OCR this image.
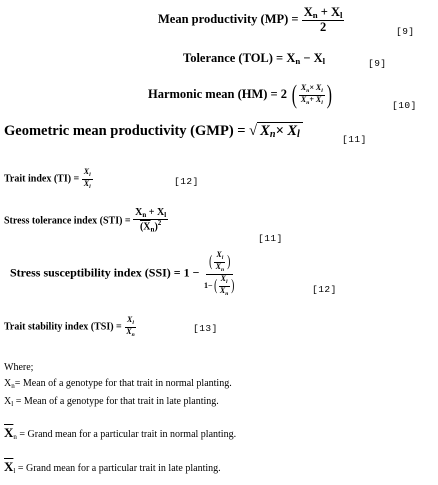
Mean productivity $(MP) = \frac{X_n + X_l}{2}$	[9]
Tolerance $(TOL) = X_n - X_l$	[9]
Harmonic mean (HM) = 2 ( $\frac{X_n\times X_l}{X_n+ X_l}$ )	[10]
Geometric mean productivity (GMP) = √ $X_n\times X_l$	[11]
Trait index $(TI) = \frac{X_l}{X_l}$	[12]
Stress tolerance index $(STI) = \frac{X_n + X_l}{(X_n)^2}$
[11]
Stress susceptibility index $(SSI) = 1 - \frac{( \frac{X_l}{X_n} )}{1-( \frac{X_l}{X_n} )}$	[12]
Trait stability index $(TSI) = \frac{X_l}{X_n}$	[13]
Where;
$X_n=$ Mean of a genotype for that trait in normal planting.
$X_l$ = Mean of a genotype for that trait in late planting.
$\overline{X}_n$ = Grand mean for a particular trait in normal planting.
$\overline{X}_l$ = Grand mean for a particular trait in late planting.
